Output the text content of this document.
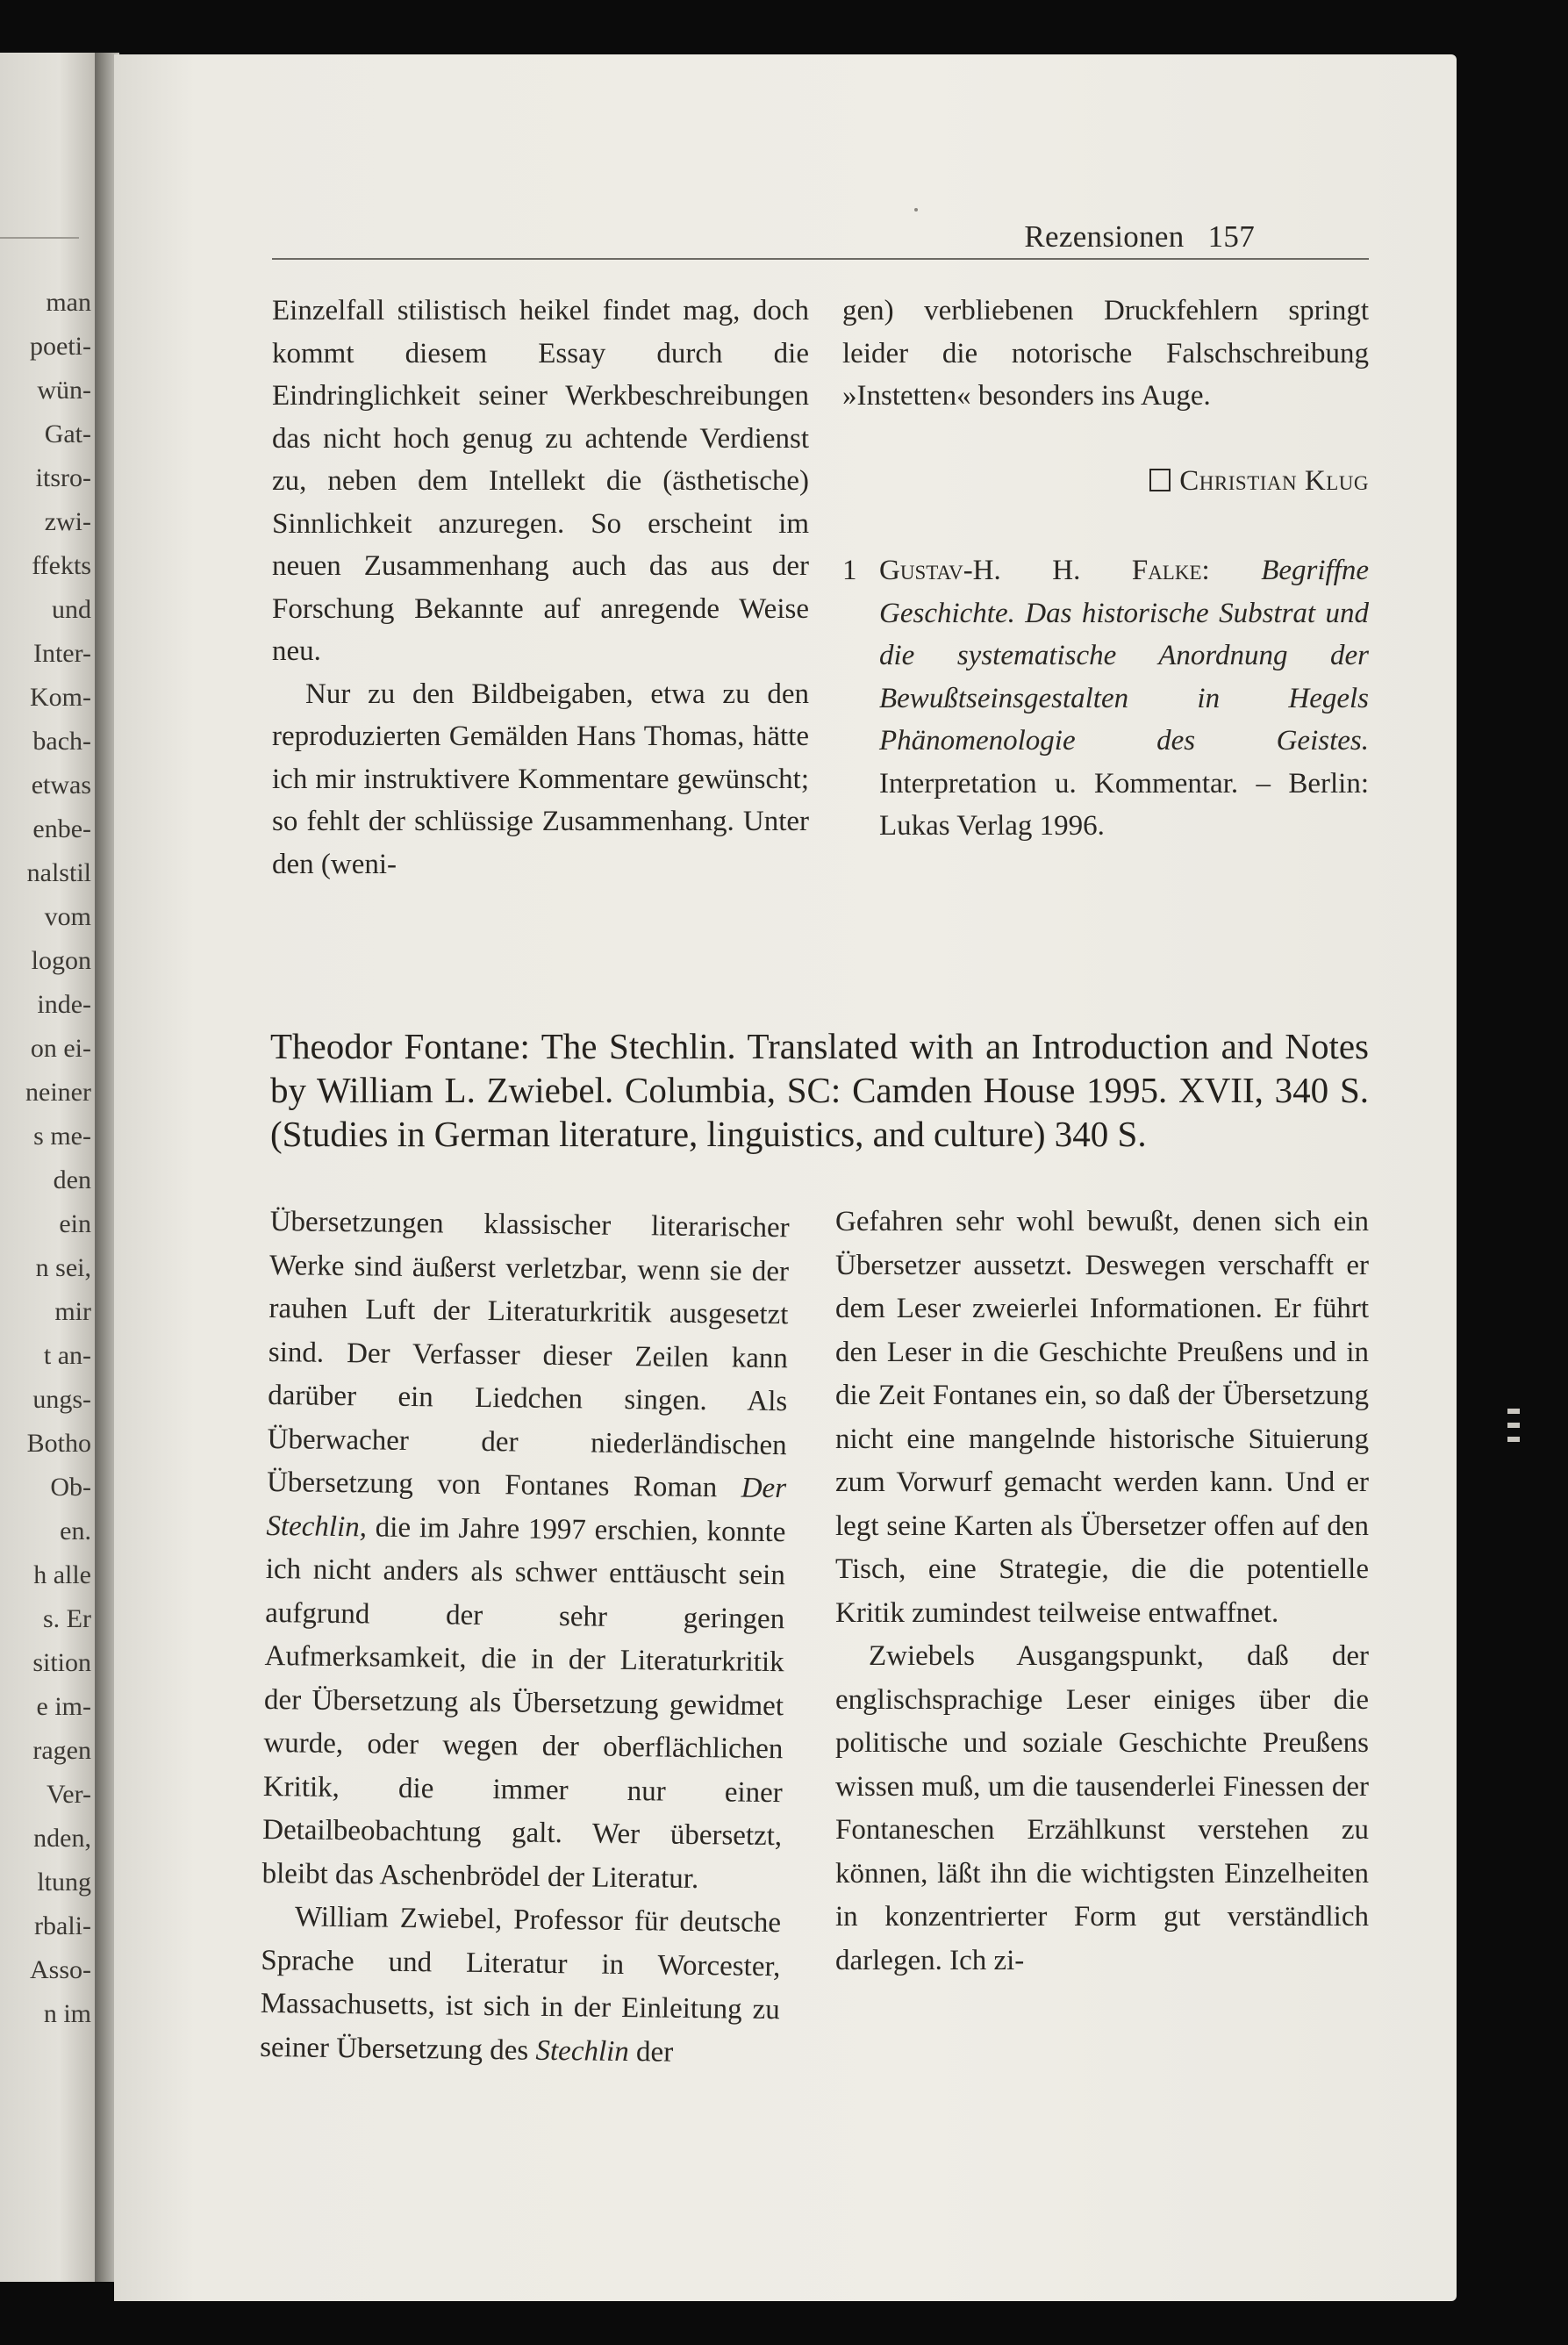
man
poeti-
wün-
Gat-
itsro-
zwi-
ffekts
und
Inter-
Kom-
bach-
etwas
enbe-
nalstil
vom
logon
inde-
on ei-
neiner
s me-
den
ein
n sei,
mir
t an-
ungs-
Botho
Ob-
en.
h alle
s. Er
sition
e im-
ragen
Ver-
nden,
ltung
rbali-
Asso-
n im
Rezensionen 157

Einzelfall stilistisch heikel findet mag, doch kommt diesem Essay durch die Eindringlichkeit seiner Werkbeschreibungen das nicht hoch genug zu achtende Verdienst zu, neben dem Intellekt die (ästhetische) Sinnlichkeit anzuregen. So erscheint im neuen Zusammenhang auch das aus der Forschung Bekannte auf anregende Weise neu.

Nur zu den Bildbeigaben, etwa zu den reproduzierten Gemälden Hans Thomas, hätte ich mir instruktivere Kommentare gewünscht; so fehlt der schlüssige Zusammenhang. Unter den (weni-

gen) verbliebenen Druckfehlern springt leider die notorische Falschschreibung »Instetten« besonders ins Auge.

Christian Klug
1 Gustav-H. H. Falke: Begriffne Geschichte. Das historische Substrat und die systematische Anordnung der Bewußtseinsgestalten in Hegels Phänomenologie des Geistes. Interpretation u. Kommentar. – Berlin: Lukas Verlag 1996.
Theodor Fontane: The Stechlin. Translated with an Introduction and Notes by William L. Zwiebel. Columbia, SC: Camden House 1995. XVII, 340 S. (Studies in German literature, linguistics, and culture) 340 S.

Übersetzungen klassischer literarischer Werke sind äußerst verletzbar, wenn sie der rauhen Luft der Literaturkritik ausgesetzt sind. Der Verfasser dieser Zeilen kann darüber ein Liedchen singen. Als Überwacher der niederländischen Übersetzung von Fontanes Roman Der Stechlin, die im Jahre 1997 erschien, konnte ich nicht anders als schwer enttäuscht sein aufgrund der sehr geringen Aufmerksamkeit, die in der Literaturkritik der Übersetzung als Übersetzung gewidmet wurde, oder wegen der oberflächlichen Kritik, die immer nur einer Detailbeobachtung galt. Wer übersetzt, bleibt das Aschenbrödel der Literatur.

William Zwiebel, Professor für deutsche Sprache und Literatur in Worcester, Massachusetts, ist sich in der Einleitung zu seiner Übersetzung des Stechlin der

Gefahren sehr wohl bewußt, denen sich ein Übersetzer aussetzt. Deswegen verschafft er dem Leser zweierlei Informationen. Er führt den Leser in die Geschichte Preußens und in die Zeit Fontanes ein, so daß der Übersetzung nicht eine mangelnde historische Situierung zum Vorwurf gemacht werden kann. Und er legt seine Karten als Übersetzer offen auf den Tisch, eine Strategie, die die potentielle Kritik zumindest teilweise entwaffnet.

Zwiebels Ausgangspunkt, daß der englischsprachige Leser einiges über die politische und soziale Geschichte Preußens wissen muß, um die tausenderlei Finessen der Fontaneschen Erzählkunst verstehen zu können, läßt ihn die wichtigsten Einzelheiten in konzentrierter Form gut verständlich darlegen. Ich zi-
